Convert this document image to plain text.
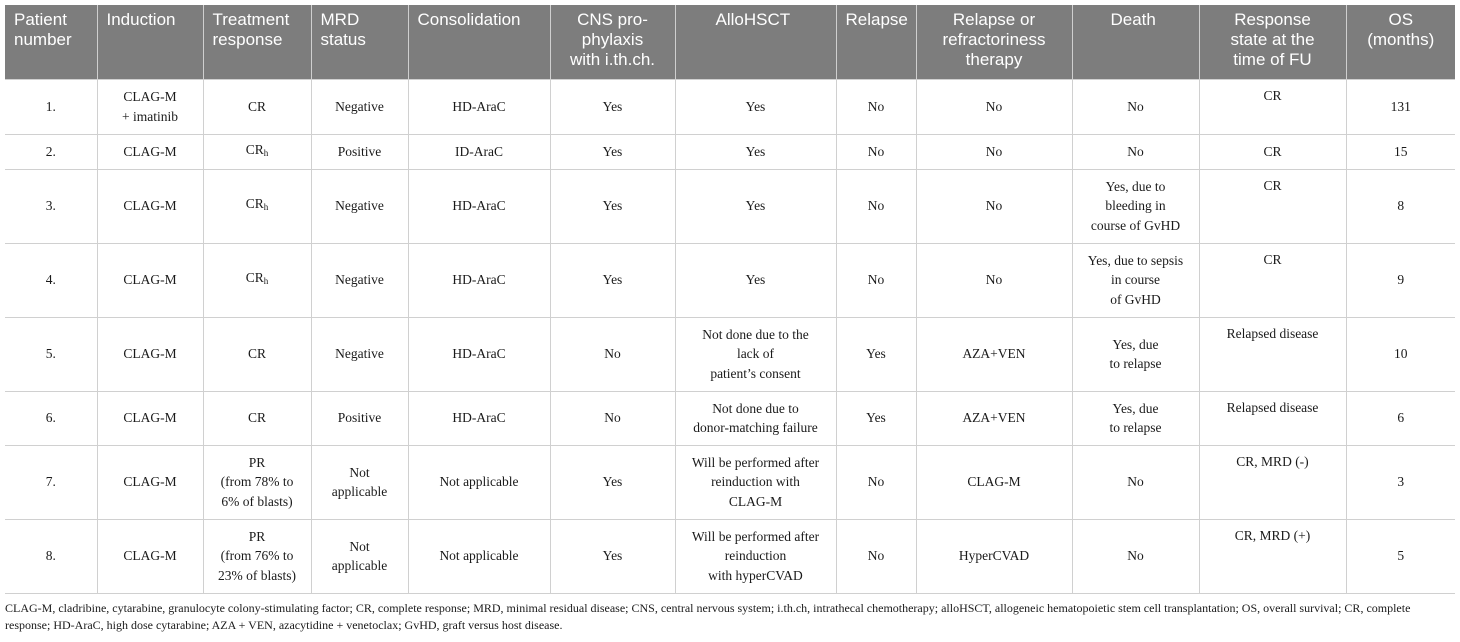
Patient
number	Induction	Treatment
response	MRD
status	Consolidation	CNS pro-
phylaxis
with i.th.ch.	AlloHSCT	Relapse	Relapse or
refractoriness
therapy	Death	Response
state at the
time of FU	OS
(months)

1.	CLAG-M
+ imatinib	CR	Negative	HD-AraC	Yes	Yes	No	No	No	CR	131
2.	CLAG-M	$CR_h$	Positive	ID-AraC	Yes	Yes	No	No	No	CR	15
3.	CLAG-M	$CR_h$	Negative	HD-AraC	Yes	Yes	No	No	Yes, due to
bleeding in
course of GvHD	CR	8
4.	CLAG-M	$CR_h$	Negative	HD-AraC	Yes	Yes	No	No	Yes, due to sepsis
in course
of GvHD	CR	9
5.	CLAG-M	CR	Negative	HD-AraC	No	Not done due to the
lack of
patient’s consent	Yes	AZA+VEN	Yes, due
to relapse	Relapsed disease	10
6.	CLAG-M	CR	Positive	HD-AraC	No	Not done due to
donor-matching failure	Yes	AZA+VEN	Yes, due
to relapse	Relapsed disease	6
7.	CLAG-M	PR
(from 78% to
6% of blasts)	Not
applicable	Not applicable	Yes	Will be performed after
reinduction with
CLAG-M	No	CLAG-M	No	CR, MRD (-)	3
8.	CLAG-M	PR
(from 76% to
23% of blasts)	Not
applicable	Not applicable	Yes	Will be performed after
reinduction
with hyperCVAD	No	HyperCVAD	No	CR, MRD (+)	5

CLAG-M, cladribine, cytarabine, granulocyte colony-stimulating factor; CR, complete response; MRD, minimal residual disease; CNS, central nervous system; i.th.ch, intrathecal chemotherapy; alloHSCT, allogeneic hematopoietic stem cell transplantation; OS, overall survival; CR, complete response; HD-AraC, high dose cytarabine; AZA + VEN, azacytidine + venetoclax; GvHD, graft versus host disease.
